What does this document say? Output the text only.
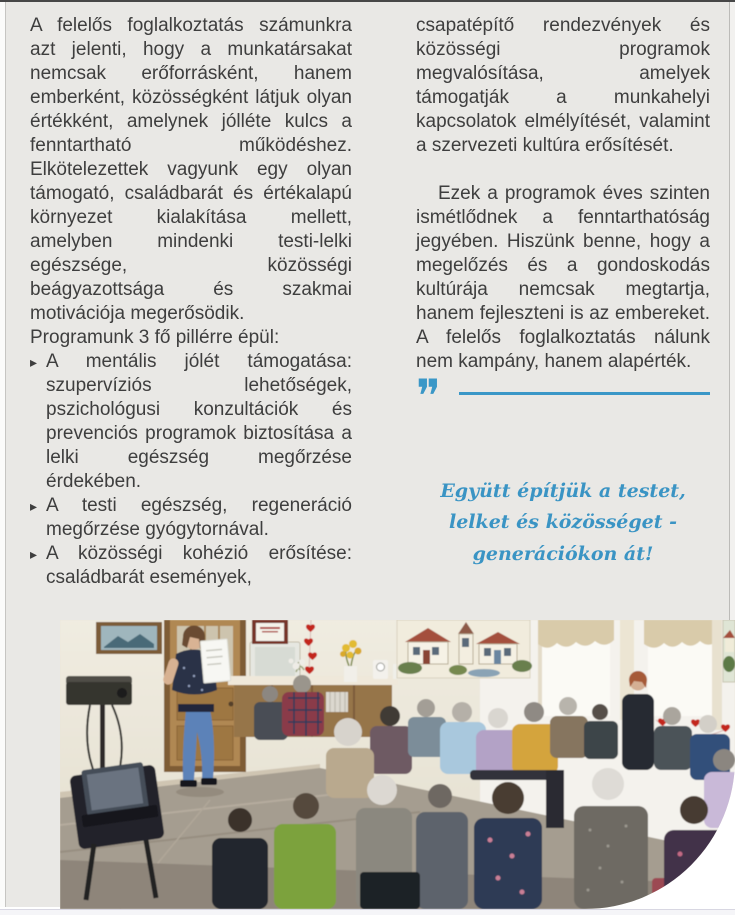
A felelős foglalkoztatás számunkra azt jelenti, hogy a munkatársakat nemcsak erőforrásként, hanem emberként, közösségként látjuk olyan értékként, amelynek jólléte kulcs a fenntartható működéshez. Elkötelezettek vagyunk egy olyan támogató, családbarát és értékalapú környezet kialakítása mellett, amelyben mindenki testi-lelki egészsége, közösségi beágyazottsága és szakmai motivációja megerősödik.

Programunk 3 fő pillérre épül:

▸ A mentális jólét támogatása: szupervíziós lehetőségek, pszichológusi konzultációk és prevenciós programok biztosítása a lelki egészség megőrzése érdekében.
▸ A testi egészség, regeneráció megőrzése gyógytornával.
▸ A közösségi kohézió erősítése: családbarát események,

csapatépítő rendezvények és közösségi programok megvalósítása, amelyek támogatják a munkahelyi kapcsolatok elmélyítését, valamint a szervezeti kultúra erősítését.

Ezek a programok éves szinten ismétlődnek a fenntarthatóság jegyében. Hiszünk benne, hogy a megelőzés és a gondoskodás kultúrája nemcsak megtartja, hanem fejleszteni is az embereket. A felelős foglalkoztatás nálunk nem kampány, hanem alapérték.

❞
Együtt építjük a testet, lelket és közösséget - generációkon át!
